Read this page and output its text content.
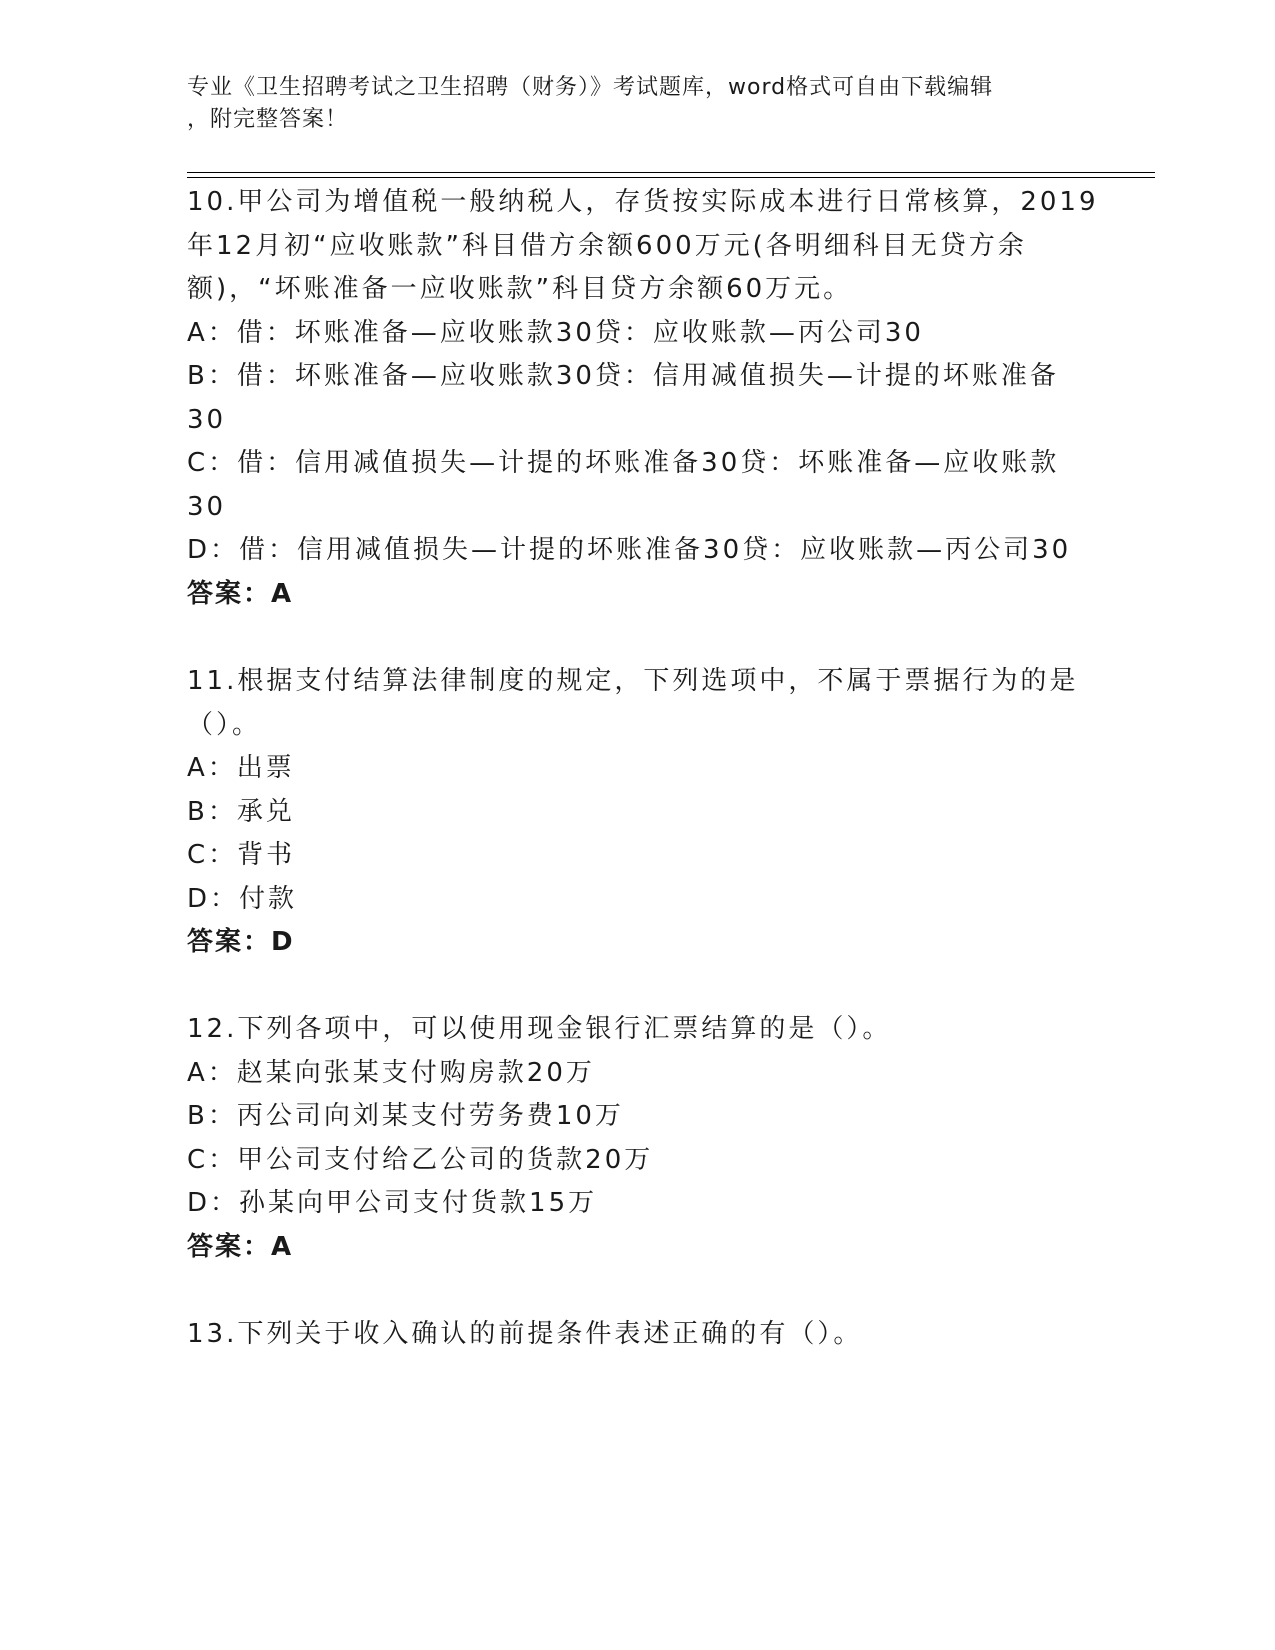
专业《卫生招聘考试之卫生招聘（财务）》考试题库，word格式可自由下载编辑
，附完整答案！
10.甲公司为增值税一般纳税人，存货按实际成本进行日常核算，2019
年12月初“应收账款”科目借方余额600万元(各明细科目无贷方余
额)，“坏账准备一应收账款”科目贷方余额60万元。
A：借：坏账准备—应收账款30贷：应收账款—丙公司30
B：借：坏账准备—应收账款30贷：信用减值损失—计提的坏账准备
30
C：借：信用减值损失—计提的坏账准备30贷：坏账准备—应收账款
30
D：借：信用减值损失—计提的坏账准备30贷：应收账款—丙公司30
答案：A
11.根据支付结算法律制度的规定，下列选项中，不属于票据行为的是
（）。
A：出票
B：承兑
C：背书
D：付款
答案：D
12.下列各项中，可以使用现金银行汇票结算的是（）。
A：赵某向张某支付购房款20万
B：丙公司向刘某支付劳务费10万
C：甲公司支付给乙公司的货款20万
D：孙某向甲公司支付货款15万
答案：A
13.下列关于收入确认的前提条件表述正确的有（）。
